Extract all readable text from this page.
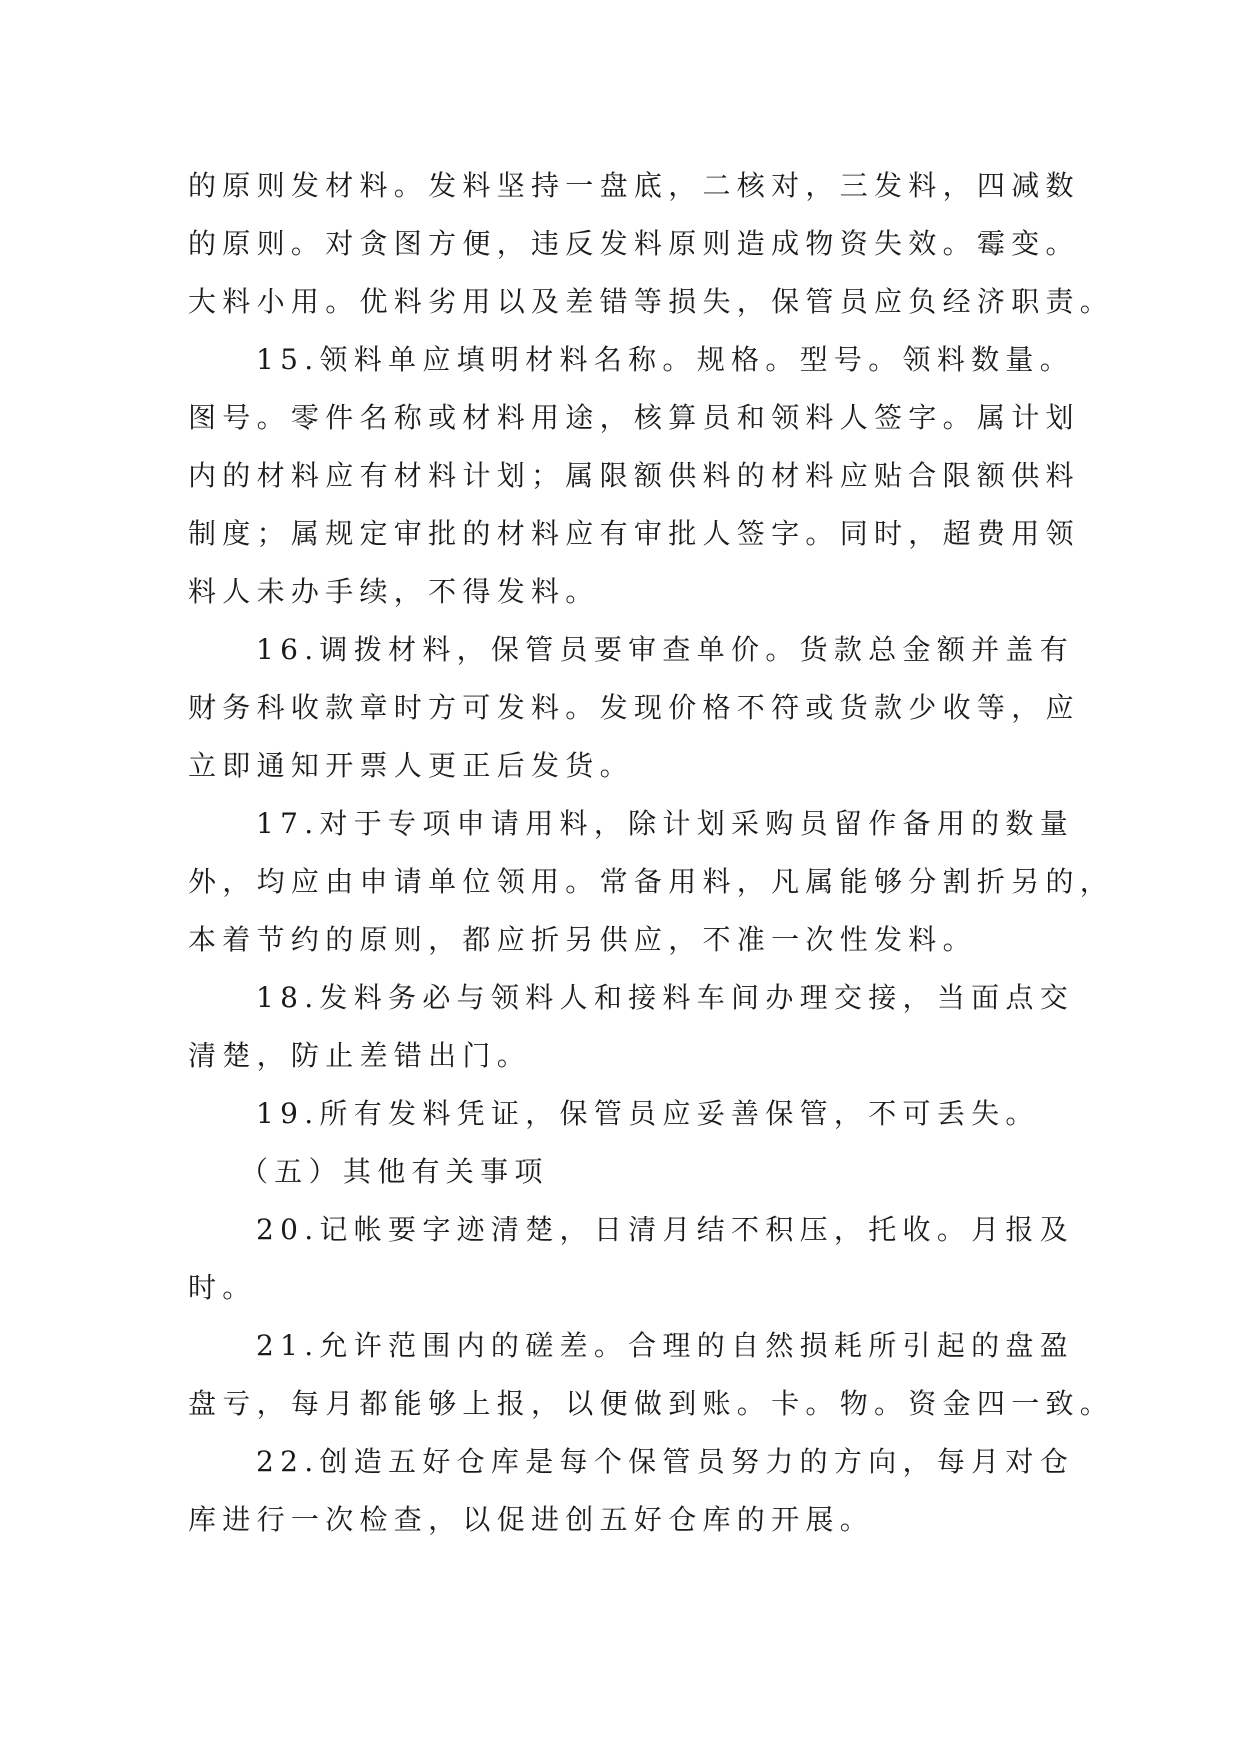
的原则发材料。发料坚持一盘底，二核对，三发料，四减数
的原则。对贪图方便，违反发料原则造成物资失效。霉变。
大料小用。优料劣用以及差错等损失，保管员应负经济职责。
15.领料单应填明材料名称。规格。型号。领料数量。
图号。零件名称或材料用途，核算员和领料人签字。属计划
内的材料应有材料计划；属限额供料的材料应贴合限额供料
制度；属规定审批的材料应有审批人签字。同时，超费用领
料人未办手续，不得发料。
16.调拨材料，保管员要审查单价。货款总金额并盖有
财务科收款章时方可发料。发现价格不符或货款少收等，应
立即通知开票人更正后发货。
17.对于专项申请用料，除计划采购员留作备用的数量
外，均应由申请单位领用。常备用料，凡属能够分割折另的，
本着节约的原则，都应折另供应，不准一次性发料。
18.发料务必与领料人和接料车间办理交接，当面点交
清楚，防止差错出门。
19.所有发料凭证，保管员应妥善保管，不可丢失。
（五）其他有关事项
20.记帐要字迹清楚，日清月结不积压，托收。月报及
时。
21.允许范围内的磋差。合理的自然损耗所引起的盘盈
盘亏，每月都能够上报，以便做到账。卡。物。资金四一致。
22.创造五好仓库是每个保管员努力的方向，每月对仓
库进行一次检查，以促进创五好仓库的开展。
